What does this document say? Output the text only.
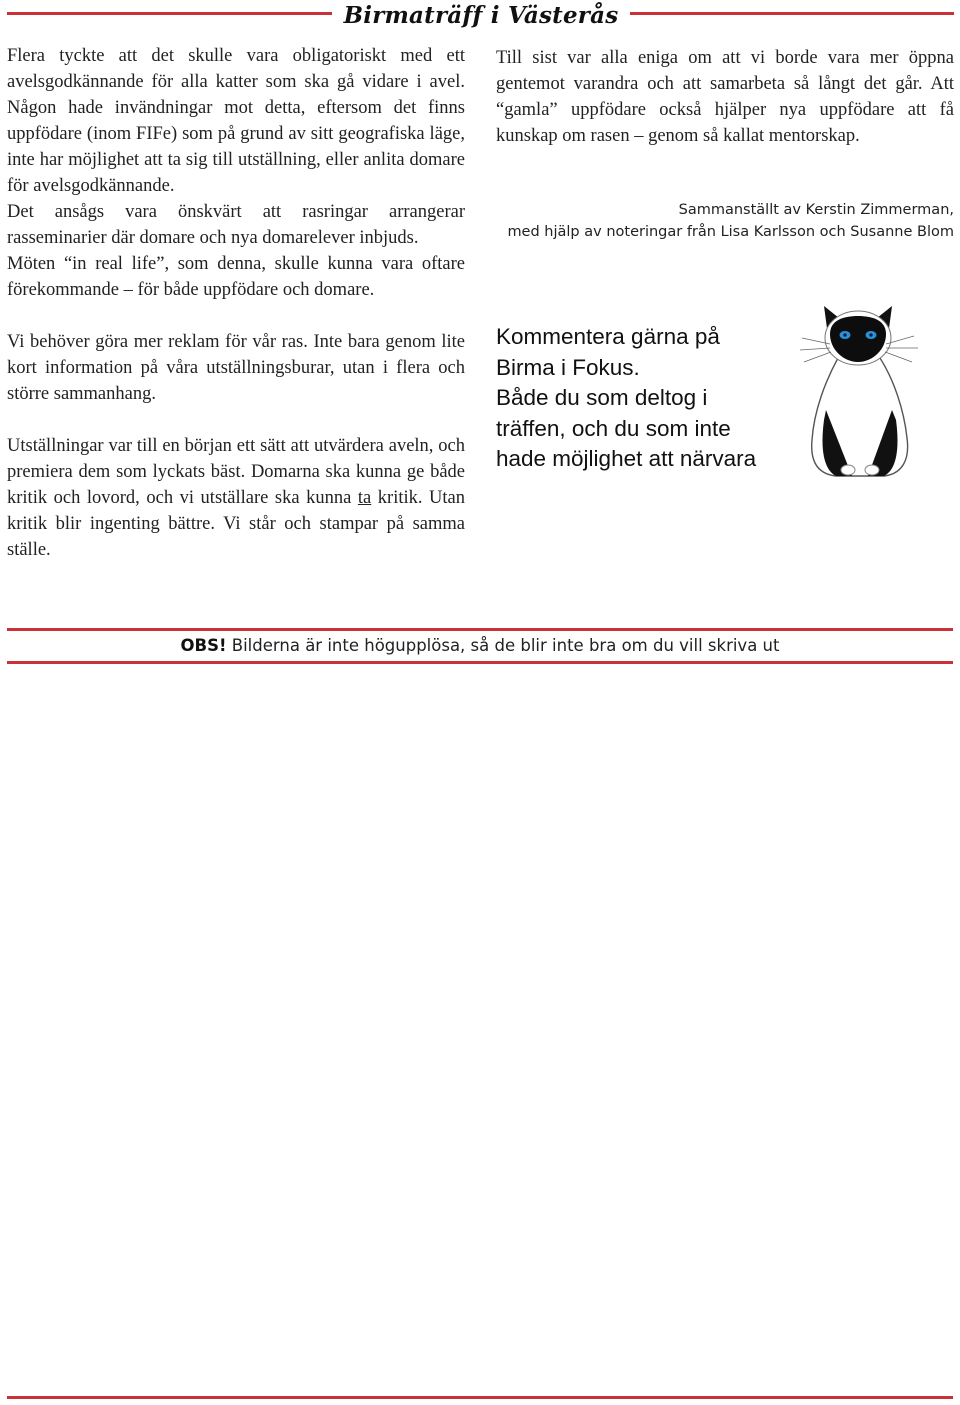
Birmaträff i Västerås

Flera tyckte att det skulle vara obligatoriskt med ett avelsgodkännande för alla katter som ska gå vidare i avel. Någon hade invändningar mot detta, eftersom det finns uppfödare (inom FIFe) som på grund av sitt geografiska läge, inte har möjlighet att ta sig till utställning, eller anlita domare för avelsgodkännande.

Det ansågs vara önskvärt att rasringar arrangerar rasseminarier där domare och nya domarelever inbjuds.

Möten “in real life”, som denna, skulle kunna vara oftare förekommande – för både uppfödare och domare.

Vi behöver göra mer reklam för vår ras. Inte bara genom lite kort information på våra utställningsburar, utan i flera och större sammanhang.

Utställningar var till en början ett sätt att utvärdera aveln, och premiera dem som lyckats bäst. Domarna ska kunna ge både kritik och lovord, och vi utställare ska kunna ta kritik. Utan kritik blir ingenting bättre. Vi står och stampar på samma ställe.

Till sist var alla eniga om att vi borde vara mer öppna gentemot varandra och att samarbeta så långt det går. Att “gamla” uppfödare också hjälper nya uppfödare att få kunskap om rasen – genom så kallat mentorskap.

Sammanställt av Kerstin Zimmerman,
med hjälp av noteringar från Lisa Karlsson och Susanne Blom
Kommentera gärna på
Birma i Fokus.
Både du som deltog i
träffen, och du som inte
hade möjlighet att närvara
OBS! Bilderna är inte högupplösa, så de blir inte bra om du vill skriva ut
